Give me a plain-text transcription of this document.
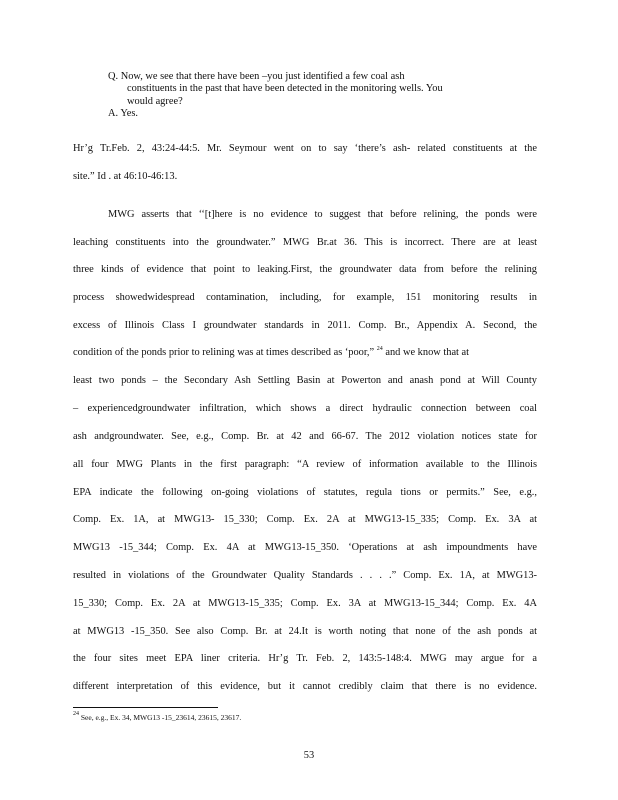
Q. Now, we see that there have been –you just identified a few coal ash
constituents in the past that have been detected in the monitoring wells. You
would agree?
A. Yes.
Hr’g Tr.Feb. 2, 43:24-44:5. Mr. Seymour went on to say ‘there’s ash- related constituents at the
site.” Id . at 46:10-46:13.
MWG asserts that ‘‘[t]here is no evidence to suggest that before relining, the ponds were
leaching constituents into the groundwater.” MWG Br.at 36. This is incorrect. There are at least
three kinds of evidence that point to leaking.First, the groundwater data from before the relining
process showedwidespread contamination, including, for example, 151 monitoring results in
excess of Illinois Class I groundwater standards in 2011. Comp. Br., Appendix A. Second, the
condition of the ponds prior to relining was at times described as ‘poor,” $^{24}$ and we know that at
least two ponds – the Secondary Ash Settling Basin at Powerton and anash pond at Will County
– experiencedgroundwater infiltration, which shows a direct hydraulic connection between coal
ash andgroundwater. See, e.g., Comp. Br. at 42 and 66-67. The 2012 violation notices state for
all four MWG Plants in the first paragraph: “A review of information available to the Illinois
EPA indicate the following on-going violations of statutes, regula tions or permits.” See, e.g.,
Comp. Ex. 1A, at MWG13- 15_330; Comp. Ex. 2A at MWG13-15_335; Comp. Ex. 3A at
MWG13 -15_344; Comp. Ex. 4A at MWG13-15_350. ‘Operations at ash impoundments have
resulted in violations of the Groundwater Quality Standards . . . .” Comp. Ex. 1A, at MWG13-
15_330; Comp. Ex. 2A at MWG13-15_335; Comp. Ex. 3A at MWG13-15_344; Comp. Ex. 4A
at MWG13 -15_350. See also Comp. Br. at 24.It is worth noting that none of the ash ponds at
the four sites meet EPA liner criteria. Hr’g Tr. Feb. 2, 143:5-148:4. MWG may argue for a
different interpretation of this evidence, but it cannot credibly claim that there is no evidence.
$^{24}$ See, e.g., Ex. 34, MWG13 -15_23614, 23615, 23617.
53
